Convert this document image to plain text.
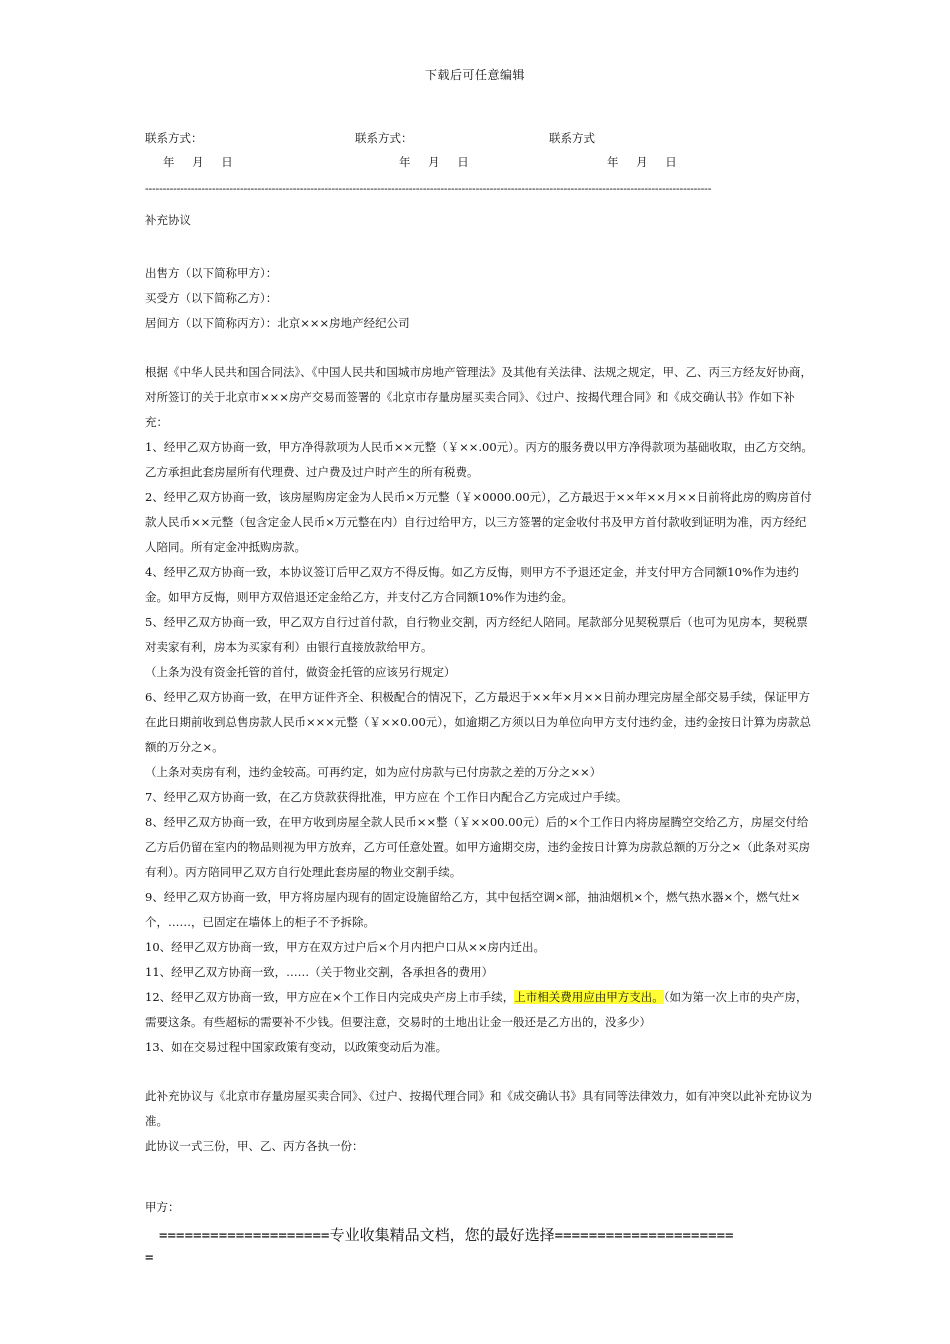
下载后可任意编辑
联系方式：	联系方式：	联系方式
年 月 日	年 月 日	年 月 日
-----------------------------------------------------------------------------------------------------------------------------------------------------------------
补充协议

出售方（以下简称甲方）：

买受方（以下简称乙方）：

居间方（以下简称丙方）：北京×××房地产经纪公司

根据《中华人民共和国合同法》、《中国人民共和国城市房地产管理法》及其他有关法律、法规之规定，甲、乙、丙三方经友好协商，对所签订的关于北京市×××房产交易而签署的《北京市存量房屋买卖合同》、《过户、按揭代理合同》和《成交确认书》作如下补充：

1、经甲乙双方协商一致，甲方净得款项为人民币××元整（￥××.00元）。丙方的服务费以甲方净得款项为基础收取，由乙方交纳。乙方承担此套房屋所有代理费、过户费及过户时产生的所有税费。

2、经甲乙双方协商一致，该房屋购房定金为人民币×万元整（￥×0000.00元），乙方最迟于××年××月××日前将此房的购房首付款人民币××元整（包含定金人民币×万元整在内）自行过给甲方，以三方签署的定金收付书及甲方首付款收到证明为准，丙方经纪人陪同。所有定金冲抵购房款。

4、经甲乙双方协商一致，本协议签订后甲乙双方不得反悔。如乙方反悔，则甲方不予退还定金，并支付甲方合同额10%作为违约金。如甲方反悔，则甲方双倍退还定金给乙方，并支付乙方合同额10%作为违约金。

5、经甲乙双方协商一致，甲乙双方自行过首付款，自行物业交割，丙方经纪人陪同。尾款部分见契税票后（也可为见房本，契税票对卖家有利，房本为买家有利）由银行直接放款给甲方。

（上条为没有资金托管的首付，做资金托管的应该另行规定）

6、经甲乙双方协商一致，在甲方证件齐全、积极配合的情况下，乙方最迟于××年×月××日前办理完房屋全部交易手续，保证甲方在此日期前收到总售房款人民币×××元整（￥××0.00元），如逾期乙方须以日为单位向甲方支付违约金，违约金按日计算为房款总额的万分之×。

（上条对卖房有利，违约金较高。可再约定，如为应付房款与已付房款之差的万分之××）

7、经甲乙双方协商一致，在乙方贷款获得批准，甲方应在 个工作日内配合乙方完成过户手续。

8、经甲乙双方协商一致，在甲方收到房屋全款人民币××整（￥××00.00元）后的×个工作日内将房屋腾空交给乙方，房屋交付给乙方后仍留在室内的物品则视为甲方放弃，乙方可任意处置。如甲方逾期交房，违约金按日计算为房款总额的万分之×（此条对买房有利）。丙方陪同甲乙双方自行处理此套房屋的物业交割手续。

9、经甲乙双方协商一致，甲方将房屋内现有的固定设施留给乙方，其中包括空调×部，抽油烟机×个，燃气热水器×个，燃气灶×个，……，已固定在墙体上的柜子不予拆除。

10、经甲乙双方协商一致，甲方在双方过户后×个月内把户口从××房内迁出。

11、经甲乙双方协商一致，……（关于物业交割，各承担各的费用）

12、经甲乙双方协商一致，甲方应在×个工作日内完成央产房上市手续，上市相关费用应由甲方支出。（如为第一次上市的央产房，需要这条。有些超标的需要补不少钱。但要注意，交易时的土地出让金一般还是乙方出的，没多少）

13、如在交易过程中国家政策有变动，以政策变动后为准。

此补充协议与《北京市存量房屋买卖合同》、《过户、按揭代理合同》和《成交确认书》具有同等法律效力，如有冲突以此补充协议为准。

此协议一式三份，甲、乙、丙方各执一份：

甲方：

====================专业收集精品文档，您的最好选择=====================
=
